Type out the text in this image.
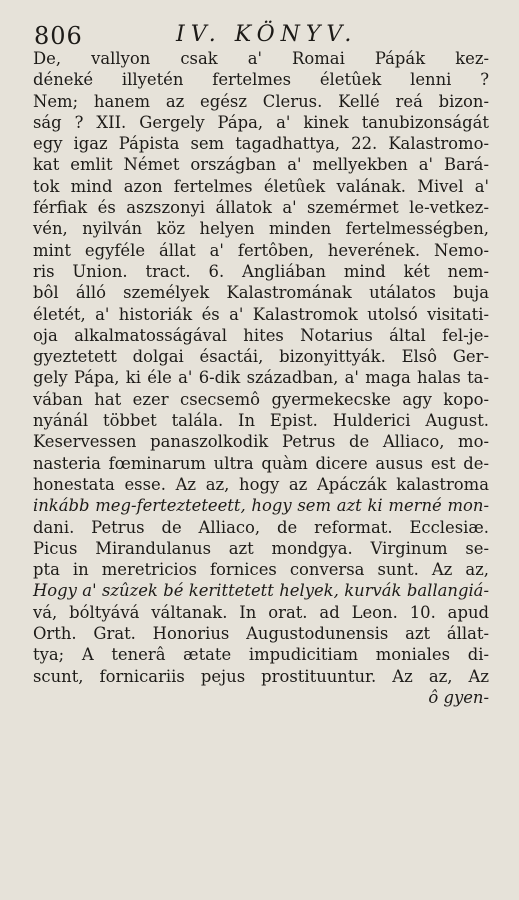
806	IV. KÖNYV.
De, vallyon csak a' Romai Pápák kez-
déneké illyetén fertelmes életûek lenni ?
Nem; hanem az egész Clerus. Kellé reá bizon-
ság ? XII. Gergely Pápa, a' kinek tanubizonságát
egy igaz Pápista sem tagadhattya, 22. Kalastromo-
kat emlit Német országban a' mellyekben a' Bará-
tok mind azon fertelmes életûek valának. Mivel a'
férfiak és aszszonyi állatok a' szemérmet le-vetkez-
vén, nyilván köz helyen minden fertelmességben,
mint egyféle állat a' fertôben, heverének. Nemo-
ris Union. tract. 6. Angliában mind két nem-
bôl álló személyek Kalastromának utálatos buja
életét, a' historiák és a' Kalastromok utolsó visitati-
oja alkalmatosságával hites Notarius által fel-je-
gyeztetett dolgai ésactái, bizonyittyák. Elsô Ger-
gely Pápa, ki éle a' 6-dik században, a' maga halas ta-
vában hat ezer csecsemô gyermekecske agy kopo-
nyánál többet talála. In Epist. Hulderici August.
Keservessen panaszolkodik Petrus de Alliaco, mo-
nasteria fœminarum ultra quàm dicere ausus est de-
honestata esse. Az az, hogy az Apáczák kalastroma
inkább meg-fertezteteett, hogy sem azt ki merné mon-
dani. Petrus de Alliaco, de reformat. Ecclesiæ.
Picus Mirandulanus azt mondgya. Virginum se-
pta in meretricios fornices conversa sunt. Az az,
Hogy a' szûzek bé kerittetett helyek, kurvák ballangiá-
vá, bóltyává váltanak. In orat. ad Leon. 10. apud
Orth. Grat. Honorius Augustodunensis azt állat-
tya; A tenerâ ætate impudicitiam moniales di-
scunt, fornicariis pejus prostituuntur. Az az, Az
ô gyen-
